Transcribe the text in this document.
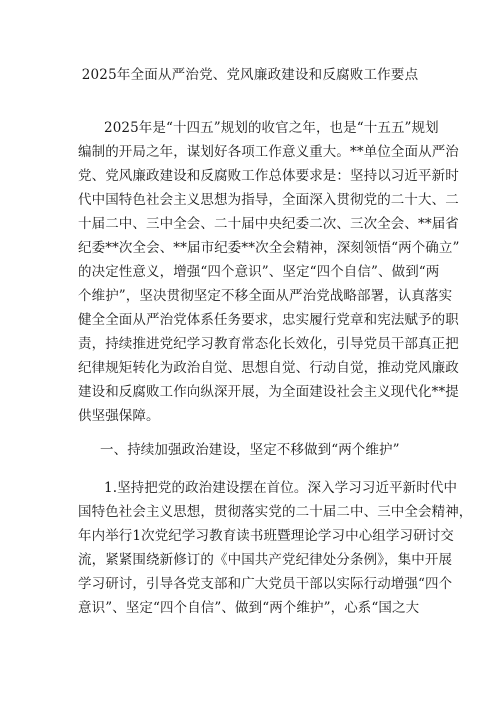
2025年全面从严治党、党风廉政建设和反腐败工作要点
2025年是“十四五”规划的收官之年，也是“十五五”规划
编制的开局之年，谋划好各项工作意义重大。**单位全面从严治
党、党风廉政建设和反腐败工作总体要求是：坚持以习近平新时
代中国特色社会主义思想为指导，全面深入贯彻党的二十大、二
十届二中、三中全会、二十届中央纪委二次、三次全会、**届省
纪委**次全会、**届市纪委**次全会精神，深刻领悟“两个确立”
的决定性意义，增强“四个意识”、坚定“四个自信”、做到“两
个维护”，坚决贯彻坚定不移全面从严治党战略部署，认真落实
健全全面从严治党体系任务要求，忠实履行党章和宪法赋予的职
责，持续推进党纪学习教育常态化长效化，引导党员干部真正把
纪律规矩转化为政治自觉、思想自觉、行动自觉，推动党风廉政
建设和反腐败工作向纵深开展，为全面建设社会主义现代化**提
供坚强保障。
一、持续加强政治建设，坚定不移做到“两个维护”
1.坚持把党的政治建设摆在首位。深入学习习近平新时代中
国特色社会主义思想，贯彻落实党的二十届二中、三中全会精神，
年内举行1次党纪学习教育读书班暨理论学习中心组学习研讨交
流，紧紧围绕新修订的《中国共产党纪律处分条例》，集中开展
学习研讨，引导各党支部和广大党员干部以实际行动增强“四个
意识”、坚定“四个自信”、做到“两个维护”，心系“国之大
